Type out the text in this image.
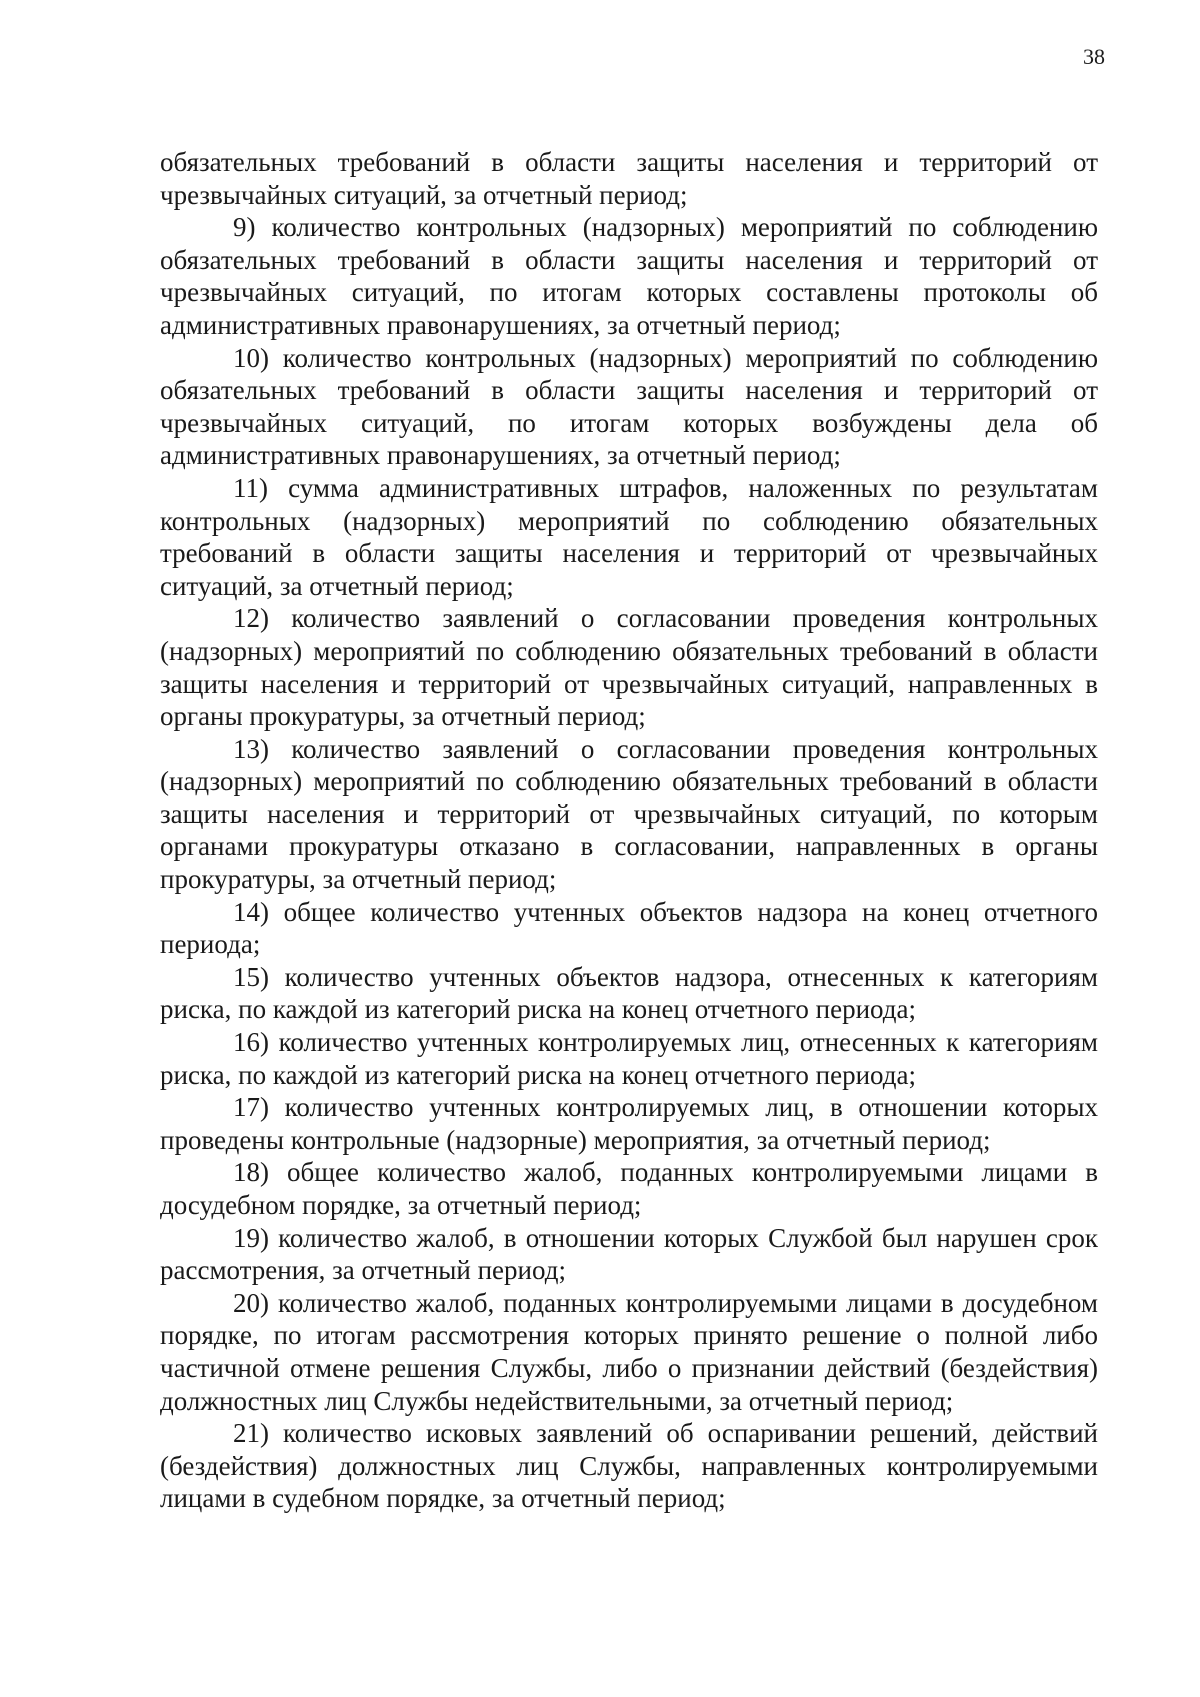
38

обязательных требований в области защиты населения и территорий от чрезвычайных ситуаций, за отчетный период;

9) количество контрольных (надзорных) мероприятий по соблюдению обязательных требований в области защиты населения и территорий от чрезвычайных ситуаций, по итогам которых составлены протоколы об административных правонарушениях, за отчетный период;

10) количество контрольных (надзорных) мероприятий по соблюдению обязательных требований в области защиты населения и территорий от чрезвычайных ситуаций, по итогам которых возбуждены дела об административных правонарушениях, за отчетный период;

11) сумма административных штрафов, наложенных по результатам контрольных (надзорных) мероприятий по соблюдению обязательных требований в области защиты населения и территорий от чрезвычайных ситуаций, за отчетный период;

12) количество заявлений о согласовании проведения контрольных (надзорных) мероприятий по соблюдению обязательных требований в области защиты населения и территорий от чрезвычайных ситуаций, направленных в органы прокуратуры, за отчетный период;

13) количество заявлений о согласовании проведения контрольных (надзорных) мероприятий по соблюдению обязательных требований в области защиты населения и территорий от чрезвычайных ситуаций, по которым органами прокуратуры отказано в согласовании, направленных в органы прокуратуры, за отчетный период;

14) общее количество учтенных объектов надзора на конец отчетного периода;

15) количество учтенных объектов надзора, отнесенных к категориям риска, по каждой из категорий риска на конец отчетного периода;

16) количество учтенных контролируемых лиц, отнесенных к категориям риска, по каждой из категорий риска на конец отчетного периода;

17) количество учтенных контролируемых лиц, в отношении которых проведены контрольные (надзорные) мероприятия, за отчетный период;

18) общее количество жалоб, поданных контролируемыми лицами в досудебном порядке, за отчетный период;

19) количество жалоб, в отношении которых Службой был нарушен срок рассмотрения, за отчетный период;

20) количество жалоб, поданных контролируемыми лицами в досудебном порядке, по итогам рассмотрения которых принято решение о полной либо частичной отмене решения Службы, либо о признании действий (бездействия) должностных лиц Службы недействительными, за отчетный период;

21) количество исковых заявлений об оспаривании решений, действий (бездействия) должностных лиц Службы, направленных контролируемыми лицами в судебном порядке, за отчетный период;
